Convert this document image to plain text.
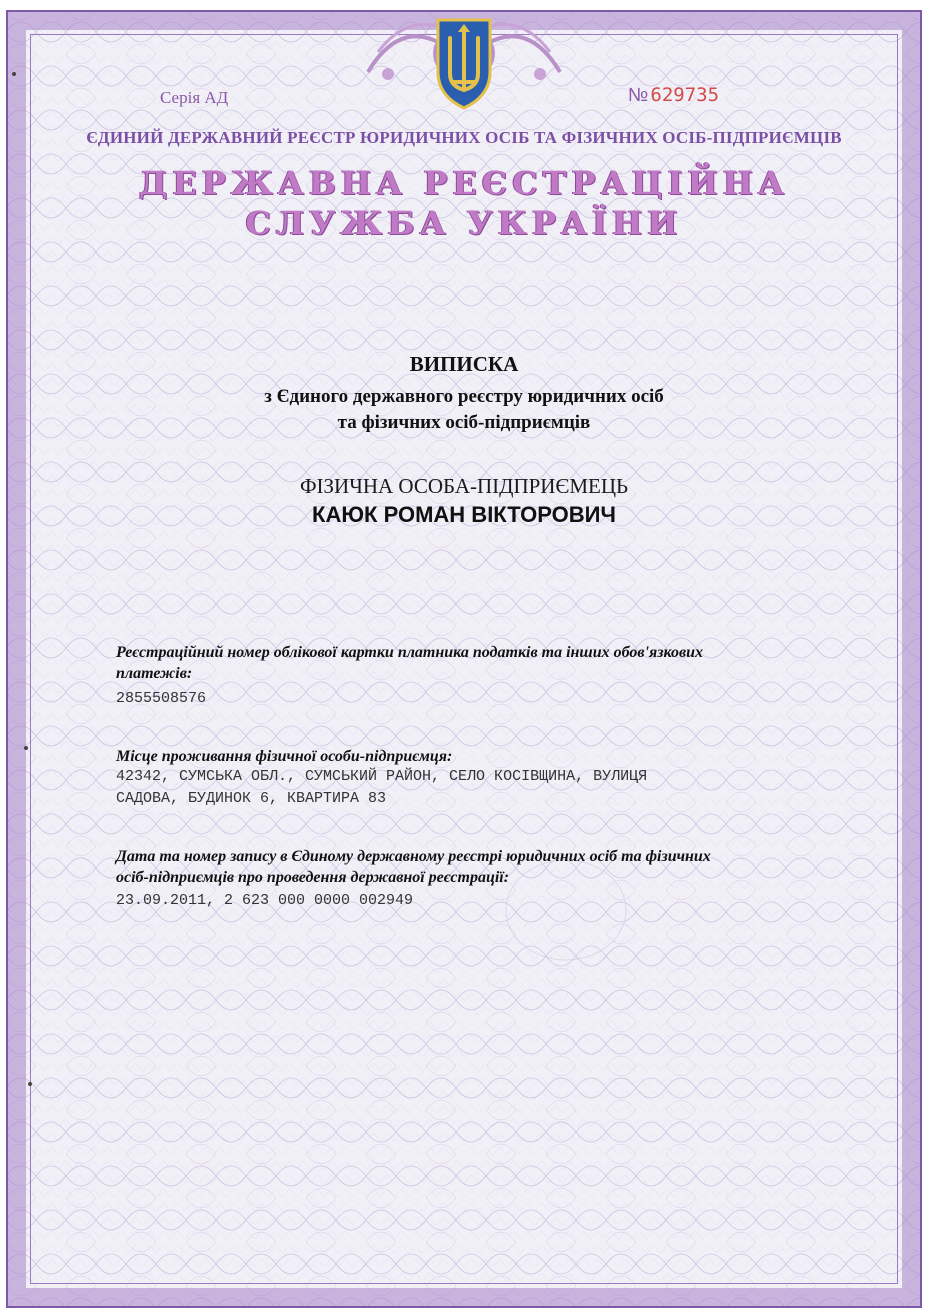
Серія АД	№ 629735
ЄДИНИЙ ДЕРЖАВНИЙ РЕЄСТР ЮРИДИЧНИХ ОСІБ ТА ФІЗИЧНИХ ОСІБ-ПІДПРИЄМЦІВ
ДЕРЖАВНА РЕЄСТРАЦІЙНА
СЛУЖБА УКРАЇНИ
ВИПИСКА
з Єдиного державного реєстру юридичних осіб
та фізичних осіб-підприємців
ФІЗИЧНА ОСОБА-ПІДПРИЄМЕЦЬ
КАЮК РОМАН ВІКТОРОВИЧ
Реєстраційний номер облікової картки платника податків та інших обов'язкових
платежів:
2855508576
Місце проживання фізичної особи-підприємця:
42342, СУМСЬКА ОБЛ., СУМСЬКИЙ РАЙОН, СЕЛО КОСІВЩИНА, ВУЛИЦЯ
САДОВА, БУДИНОК 6, КВАРТИРА 83
Дата та номер запису в Єдиному державному реєстрі юридичних осіб та фізичних
осіб-підприємців про проведення державної реєстрації:
23.09.2011, 2 623 000 0000 002949
